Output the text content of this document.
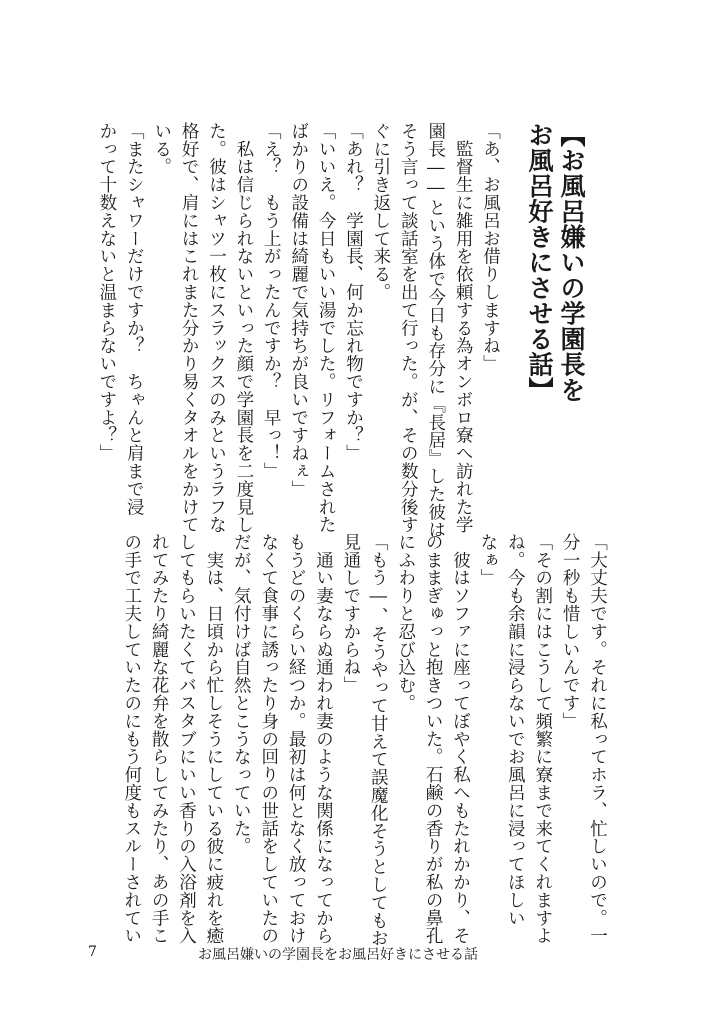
【お風呂嫌いの学園長を
お風呂好きにさせる話】
「あ、お風呂お借りしますね」
　監督生に雑用を依頼する為オンボロ寮へ訪れた学
園長――という体で今日も存分に『長居』した彼は
そう言って談話室を出て行った。が、その数分後す
ぐに引き返して来る。
「あれ？　学園長、何か忘れ物ですか？」
「いいえ。今日もいい湯でした。リフォームされた
ばかりの設備は綺麗で気持ちが良いですねぇ」
「え？　もう上がったんですか？　早っ！」
　私は信じられないといった顔で学園長を二度見し
た。彼はシャツ一枚にスラックスのみというラフな
格好で、肩にはこれまた分かり易くタオルをかけて
いる。
「またシャワーだけですか？　ちゃんと肩まで浸
かって十数えないと温まらないですよ？」
「大丈夫です。それに私ってホラ、忙しいので。一
分一秒も惜しいんです」
「その割にはこうして頻繁に寮まで来てくれますよ
ね。今も余韻に浸らないでお風呂に浸ってほしい
なぁ」
　彼はソファに座ってぼやく私へもたれかかり、そ
のままぎゅっと抱きついた。石鹸の香りが私の鼻孔
にふわりと忍び込む。
「もう―、そうやって甘えて誤魔化そうとしてもお
見通しですからね」
　通い妻ならぬ通われ妻のような関係になってから
もうどのくらい経つか。最初は何となく放っておけ
なくて食事に誘ったり身の回りの世話をしていたの
だが、気付けば自然とこうなっていた。
　実は、日頃から忙しそうにしている彼に疲れを癒
してもらいたくてバスタブにいい香りの入浴剤を入
れてみたり綺麗な花弁を散らしてみたり、あの手こ
の手で工夫していたのにもう何度もスルーされてい
7	お風呂嫌いの学園長をお風呂好きにさせる話
